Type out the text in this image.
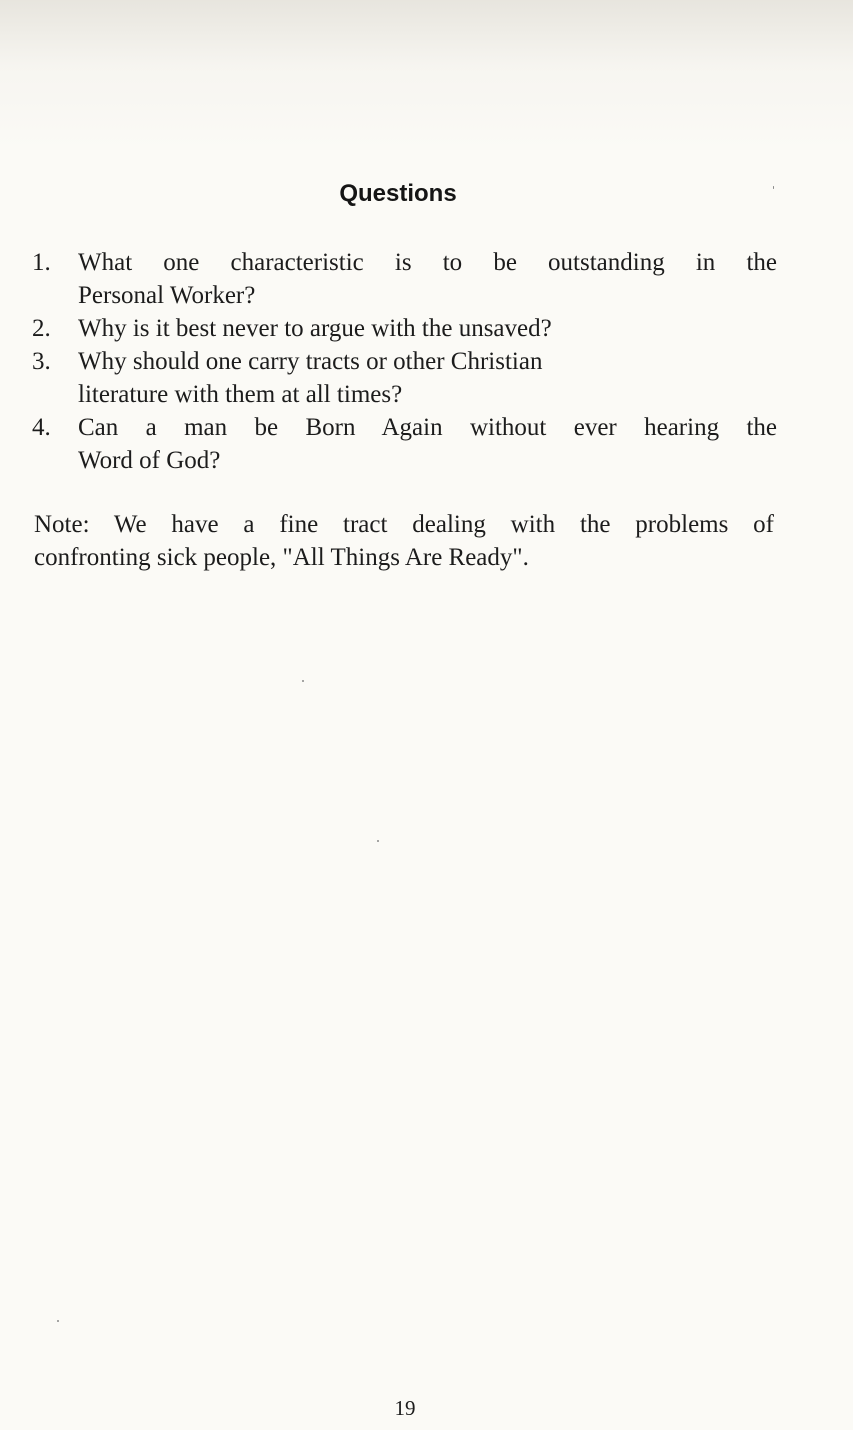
Questions
1.	What one characteristic is to be outstanding in the
Personal Worker?
2.	Why is it best never to argue with the unsaved?
3.	Why should one carry tracts or other Christian
literature with them at all times?
4.	Can a man be Born Again without ever hearing the
Word of God?
Note: We have a fine tract dealing with the problems of
confronting sick people, "All Things Are Ready".
19
